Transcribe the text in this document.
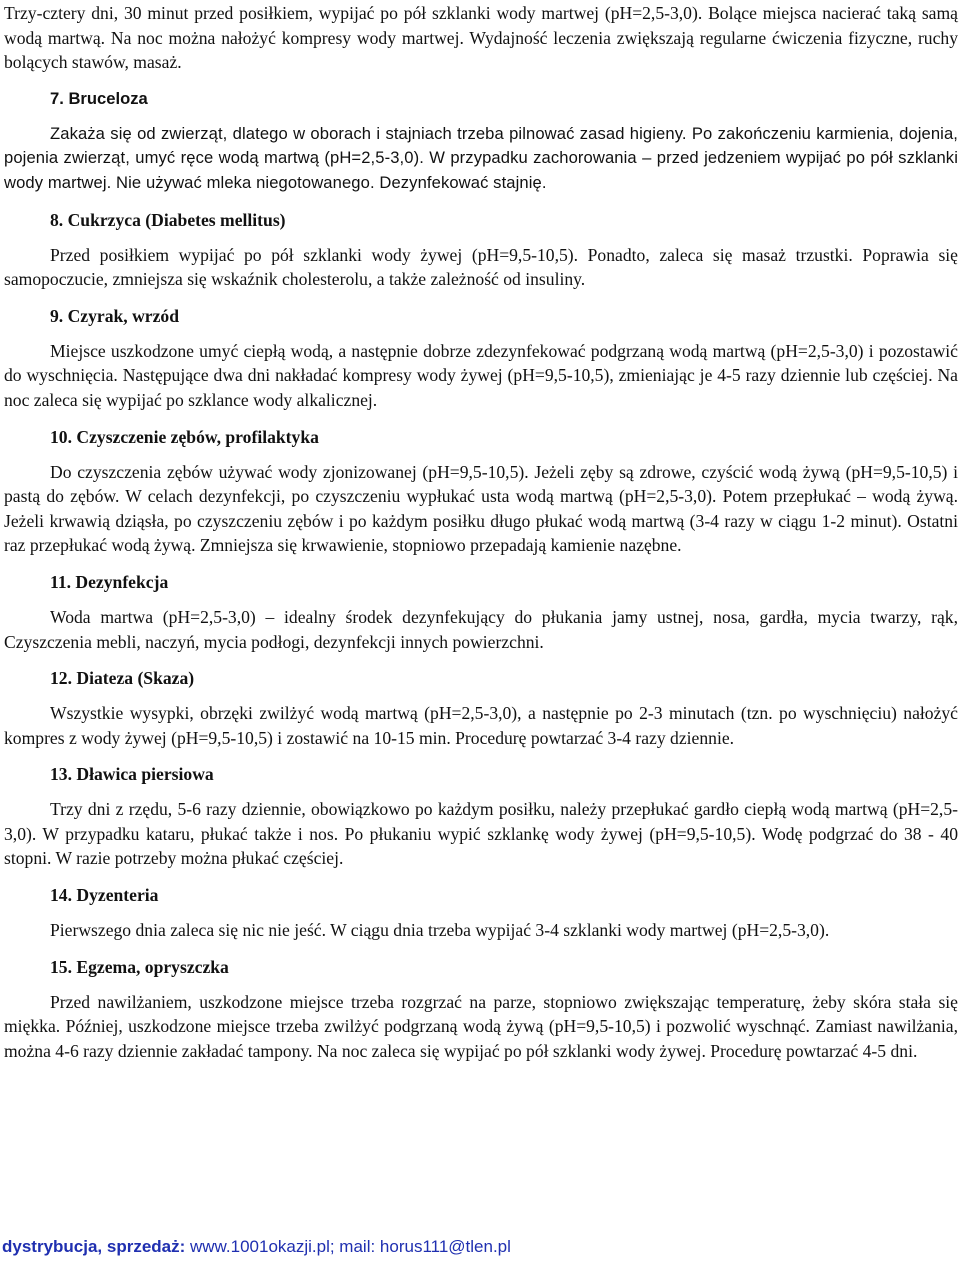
Trzy-cztery dni, 30 minut przed posiłkiem, wypijać po pół szklanki wody martwej (pH=2,5-3,0). Bolące miejsca nacierać taką samą wodą martwą. Na noc można nałożyć kompresy wody martwej. Wydajność leczenia zwiększają regularne ćwiczenia fizyczne, ruchy bolących stawów, masaż.

7. Bruceloza

Zakaża się od zwierząt, dlatego w oborach i stajniach trzeba pilnować zasad higieny. Po zakończeniu karmienia, dojenia, pojenia zwierząt, umyć ręce wodą martwą (pH=2,5-3,0). W przypadku zachorowania – przed jedzeniem wypijać po pół szklanki wody martwej. Nie używać mleka niegotowanego. Dezynfekować stajnię.

8. Cukrzyca (Diabetes mellitus)

Przed posiłkiem wypijać po pół szklanki wody żywej (pH=9,5-10,5). Ponadto, zaleca się masaż trzustki. Poprawia się samopoczucie, zmniejsza się wskaźnik cholesterolu, a także zależność od insuliny.

9. Czyrak, wrzód

Miejsce uszkodzone umyć ciepłą wodą, a następnie dobrze zdezynfekować podgrzaną wodą martwą (pH=2,5-3,0) i pozostawić do wyschnięcia. Następujące dwa dni nakładać kompresy wody żywej (pH=9,5-10,5), zmieniając je 4-5 razy dziennie lub częściej. Na noc zaleca się wypijać po szklance wody alkalicznej.

10. Czyszczenie zębów, profilaktyka

Do czyszczenia zębów używać wody zjonizowanej (pH=9,5-10,5). Jeżeli zęby są zdrowe, czyścić wodą żywą (pH=9,5-10,5) i pastą do zębów. W celach dezynfekcji, po czyszczeniu wypłukać usta wodą martwą (pH=2,5-3,0). Potem przepłukać – wodą żywą. Jeżeli krwawią dziąsła, po czyszczeniu zębów i po każdym posiłku długo płukać wodą martwą (3-4 razy w ciągu 1-2 minut). Ostatni raz przepłukać wodą żywą. Zmniejsza się krwawienie, stopniowo przepadają kamienie nazębne.

11. Dezynfekcja

Woda martwa (pH=2,5-3,0) – idealny środek dezynfekujący do płukania jamy ustnej, nosa, gardła, mycia twarzy, rąk, Czyszczenia mebli, naczyń, mycia podłogi, dezynfekcji innych powierzchni.

12. Diateza (Skaza)

Wszystkie wysypki, obrzęki zwilżyć wodą martwą (pH=2,5-3,0), a następnie po 2-3 minutach (tzn. po wyschnięciu) nałożyć kompres z wody żywej (pH=9,5-10,5) i zostawić na 10-15 min. Procedurę powtarzać 3-4 razy dziennie.

13. Dławica piersiowa

Trzy dni z rzędu, 5-6 razy dziennie, obowiązkowo po każdym posiłku, należy przepłukać gardło ciepłą wodą martwą (pH=2,5-3,0). W przypadku kataru, płukać także i nos. Po płukaniu wypić szklankę wody żywej (pH=9,5-10,5). Wodę podgrzać do 38 - 40 stopni. W razie potrzeby można płukać częściej.

14. Dyzenteria

Pierwszego dnia zaleca się nic nie jeść. W ciągu dnia trzeba wypijać 3-4 szklanki wody martwej (pH=2,5-3,0).

15. Egzema, opryszczka

Przed nawilżaniem, uszkodzone miejsce trzeba rozgrzać na parze, stopniowo zwiększając temperaturę, żeby skóra stała się miękka. Później, uszkodzone miejsce trzeba zwilżyć podgrzaną wodą żywą (pH=9,5-10,5) i pozwolić wyschnąć. Zamiast nawilżania, można 4-6 razy dziennie zakładać tampony. Na noc zaleca się wypijać po pół szklanki wody żywej. Procedurę powtarzać 4-5 dni.

dystrybucja, sprzedaż: www.1001okazji.pl; mail: horus111@tlen.pl
